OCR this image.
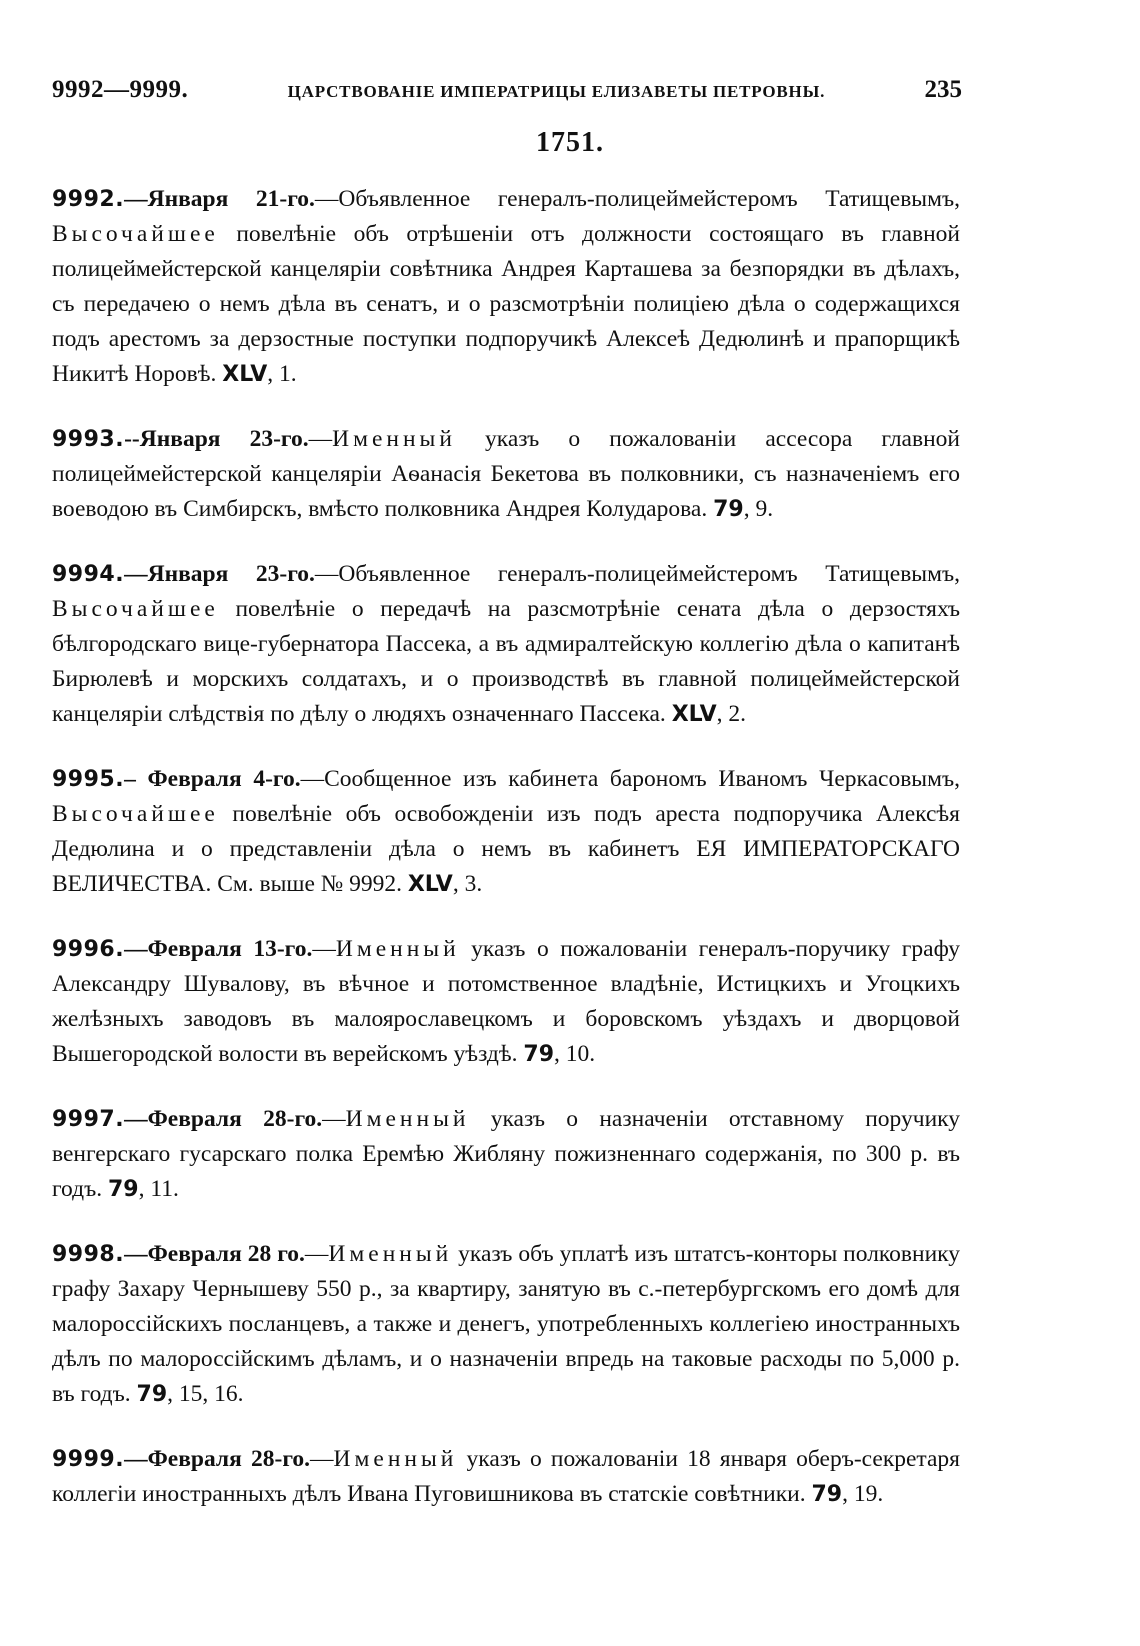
9992—9999.	ЦАРСТВОВАНІЕ ИМПЕРАТРИЦЫ ЕЛИЗАВЕТЫ ПЕТРОВНЫ.	235
1751.

9992.—Января 21-го.—Объявленное генералъ-полицеймейстеромъ Татищевымъ, Высочайшее повелѣніе объ отрѣшеніи отъ должности состоящаго въ главной полицеймейстерской канцеляріи совѣтника Андрея Карташева за безпорядки въ дѣлахъ, съ передачею о немъ дѣла въ сенатъ, и о разсмотрѣніи полиціею дѣла о содержащихся подъ арестомъ за дерзостные поступки подпоручикѣ Алексеѣ Дедюлинѣ и прапорщикѣ Никитѣ Норовѣ. XLV, 1.

9993.--Января 23-го.—Именный указъ о пожалованіи ассесора главной полицеймейстерской канцеляріи Аѳанасія Бекетова въ полковники, съ назначеніемъ его воеводою въ Симбирскъ, вмѣсто полковника Андрея Колударова. 79, 9.

9994.—Января 23-го.—Объявленное генералъ-полицеймейстеромъ Татищевымъ, Высочайшее повелѣніе о передачѣ на разсмотрѣніе сената дѣла о дерзостяхъ бѣлгородскаго вице-губернатора Пассека, а въ адмиралтейскую коллегію дѣла о капитанѣ Бирюлевѣ и морскихъ солдатахъ, и о производствѣ въ главной полицеймейстерской канцеляріи слѣдствія по дѣлу о людяхъ означеннаго Пассека. XLV, 2.

9995.– Февраля 4-го.—Сообщенное изъ кабинета барономъ Иваномъ Черкасовымъ, Высочайшее повелѣніе объ освобожденіи изъ подъ ареста подпоручика Алексѣя Дедюлина и о представленіи дѣла о немъ въ кабинетъ ЕЯ ИМПЕРАТОРСКАГО ВЕЛИЧЕСТВА. См. выше № 9992. XLV, 3.

9996.—Февраля 13-го.—Именный указъ о пожалованіи генералъ-поручику графу Александру Шувалову, въ вѣчное и потомственное владѣніе, Истицкихъ и Угоцкихъ желѣзныхъ заводовъ въ малоярославецкомъ и боровскомъ уѣздахъ и дворцовой Вышегородской волости въ верейскомъ уѣздѣ. 79, 10.

9997.—Февраля 28-го.—Именный указъ о назначеніи отставному поручику венгерскаго гусарскаго полка Еремѣю Жибляну пожизненнаго содержанія, по 300 р. въ годъ. 79, 11.

9998.—Февраля 28 го.—Именный указъ объ уплатѣ изъ штатсъ-конторы полковнику графу Захару Чернышеву 550 р., за квартиру, занятую въ с.-петербургскомъ его домѣ для малороссійскихъ посланцевъ, а также и денегъ, употребленныхъ коллегіею иностранныхъ дѣлъ по малороссійскимъ дѣламъ, и о назначеніи впредь на таковые расходы по 5,000 р. въ годъ. 79, 15, 16.

9999.—Февраля 28-го.—Именный указъ о пожалованіи 18 января оберъ-секретаря коллегіи иностранныхъ дѣлъ Ивана Пуговишникова въ статскіе совѣтники. 79, 19.
